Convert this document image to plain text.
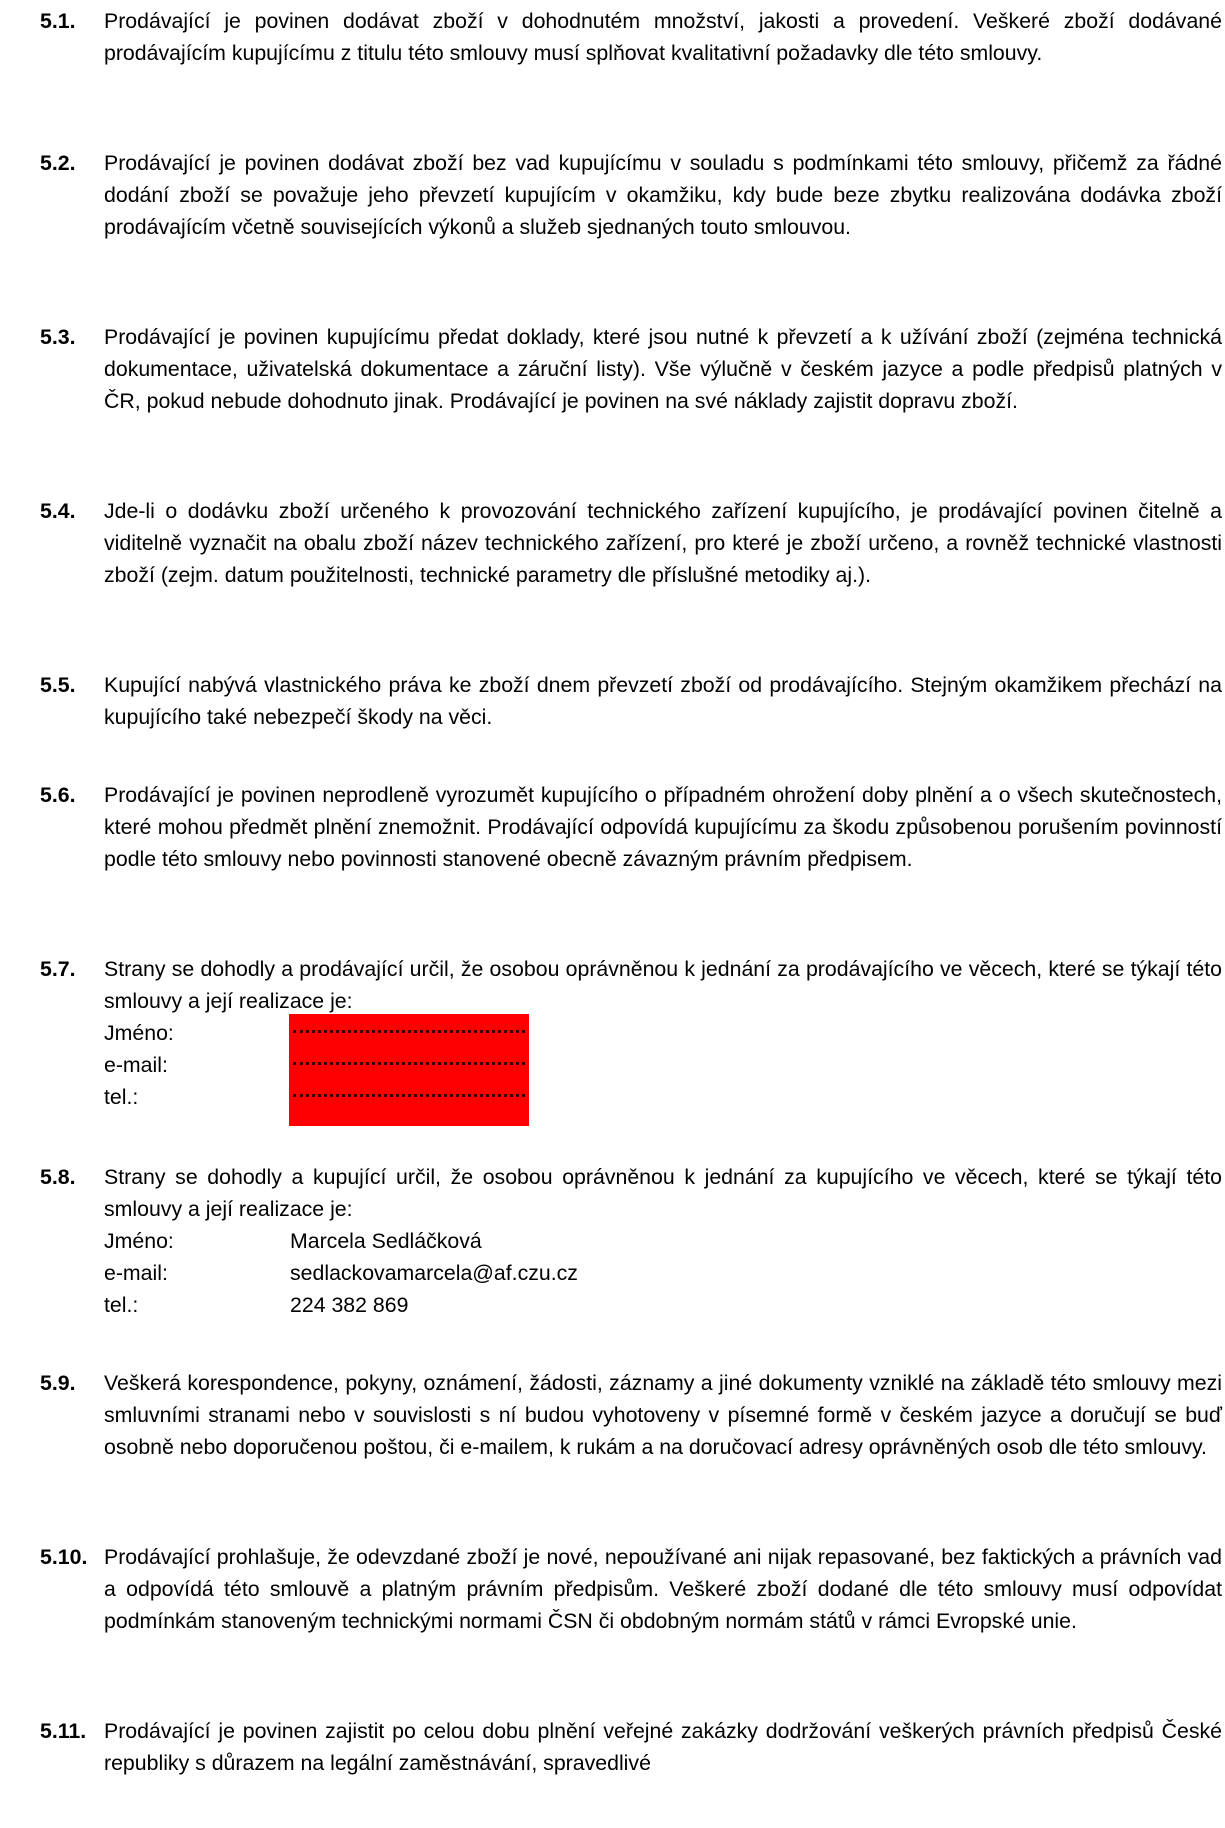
5.1. Prodávající je povinen dodávat zboží v dohodnutém množství, jakosti a provedení. Veškeré zboží dodávané prodávajícím kupujícímu z titulu této smlouvy musí splňovat kvalitativní požadavky dle této smlouvy.

5.2. Prodávající je povinen dodávat zboží bez vad kupujícímu v souladu s podmínkami této smlouvy, přičemž za řádné dodání zboží se považuje jeho převzetí kupujícím v okamžiku, kdy bude beze zbytku realizována dodávka zboží prodávajícím včetně souvisejících výkonů a služeb sjednaných touto smlouvou.

5.3. Prodávající je povinen kupujícímu předat doklady, které jsou nutné k převzetí a k užívání zboží (zejména technická dokumentace, uživatelská dokumentace a záruční listy). Vše výlučně v českém jazyce a podle předpisů platných v ČR, pokud nebude dohodnuto jinak. Prodávající je povinen na své náklady zajistit dopravu zboží.

5.4. Jde-li o dodávku zboží určeného k provozování technického zařízení kupujícího, je prodávající povinen čitelně a viditelně vyznačit na obalu zboží název technického zařízení, pro které je zboží určeno, a rovněž technické vlastnosti zboží (zejm. datum použitelnosti, technické parametry dle příslušné metodiky aj.).

5.5. Kupující nabývá vlastnického práva ke zboží dnem převzetí zboží od prodávajícího. Stejným okamžikem přechází na kupujícího také nebezpečí škody na věci.

5.6. Prodávající je povinen neprodleně vyrozumět kupujícího o případném ohrožení doby plnění a o všech skutečnostech, které mohou předmět plnění znemožnit. Prodávající odpovídá kupujícímu za škodu způsobenou porušením povinností podle této smlouvy nebo povinnosti stanovené obecně závazným právním předpisem.

5.7. Strany se dohodly a prodávající určil, že osobou oprávněnou k jednání za prodávajícího ve věcech, které se týkají této smlouvy a její realizace je:

Jméno:
e-mail:
tel.:
5.8. Strany se dohodly a kupující určil, že osobou oprávněnou k jednání za kupujícího ve věcech, které se týkají této smlouvy a její realizace je:

Jméno:	Marcela Sedláčková
e-mail:	sedlackovamarcela@af.czu.cz
tel.:	224 382 869
5.9. Veškerá korespondence, pokyny, oznámení, žádosti, záznamy a jiné dokumenty vzniklé na základě této smlouvy mezi smluvními stranami nebo v souvislosti s ní budou vyhotoveny v písemné formě v českém jazyce a doručují se buď osobně nebo doporučenou poštou, či e-mailem, k rukám a na doručovací adresy oprávněných osob dle této smlouvy.

5.10. Prodávající prohlašuje, že odevzdané zboží je nové, nepoužívané ani nijak repasované, bez faktických a právních vad a odpovídá této smlouvě a platným právním předpisům. Veškeré zboží dodané dle této smlouvy musí odpovídat podmínkám stanoveným technickými normami ČSN či obdobným normám států v rámci Evropské unie.

5.11. Prodávající je povinen zajistit po celou dobu plnění veřejné zakázky dodržování veškerých právních předpisů České republiky s důrazem na legální zaměstnávání, spravedlivé
